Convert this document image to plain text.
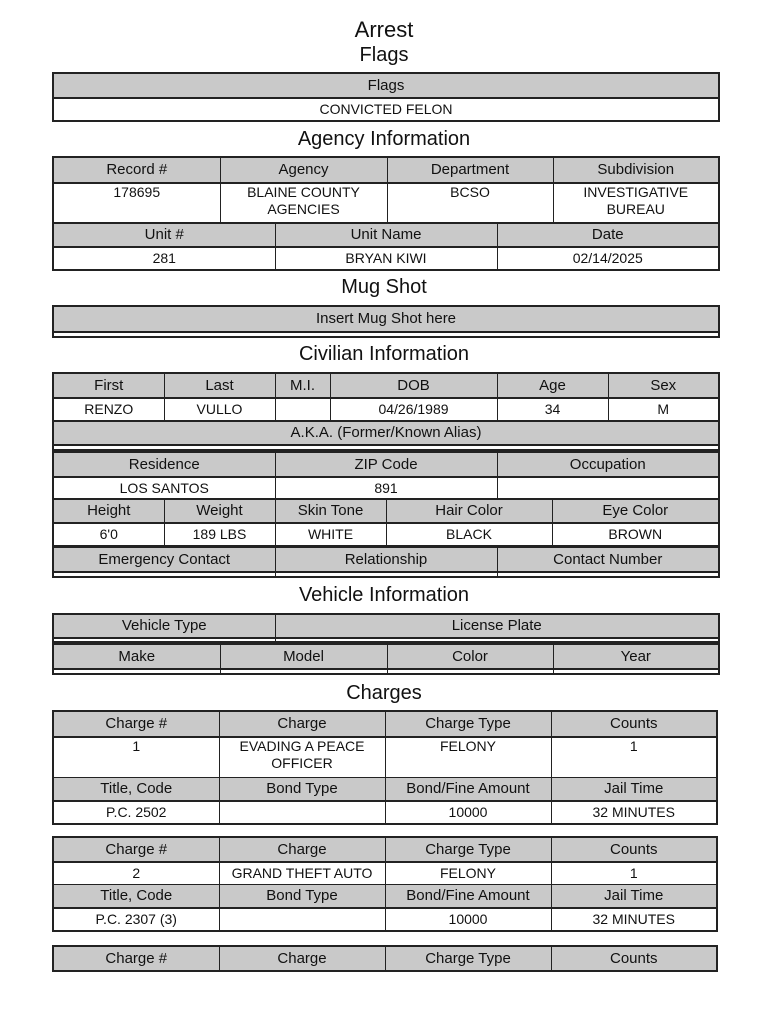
Arrest
Flags
Flags
CONVICTED FELON
Agency Information
Record #	Agency	Department	Subdivision
178695	BLAINE COUNTY AGENCIES	BCSO	INVESTIGATIVE BUREAU
Unit #	Unit Name	Date
281	BRYAN KIWI	02/14/2025
Mug Shot
Insert Mug Shot here

Civilian Information
First	Last	M.I.	DOB	Age	Sex
RENZO	VULLO		04/26/1989	34	M
A.K.A. (Former/Known Alias)

Residence	ZIP Code	Occupation
LOS SANTOS	891	
Height	Weight	Skin Tone	Hair Color	Eye Color
6'0	189 LBS	WHITE	BLACK	BROWN
Emergency Contact	Relationship	Contact Number

Vehicle Information
Vehicle Type	License Plate

Make	Model	Color	Year

Charges
Charge #	Charge	Charge Type	Counts
1	EVADING A PEACE OFFICER	FELONY	1
Title, Code	Bond Type	Bond/Fine Amount	Jail Time
P.C. 2502		10000	32 MINUTES
Charge #	Charge	Charge Type	Counts
2	GRAND THEFT AUTO	FELONY	1
Title, Code	Bond Type	Bond/Fine Amount	Jail Time
P.C. 2307 (3)		10000	32 MINUTES
Charge #	Charge	Charge Type	Counts
